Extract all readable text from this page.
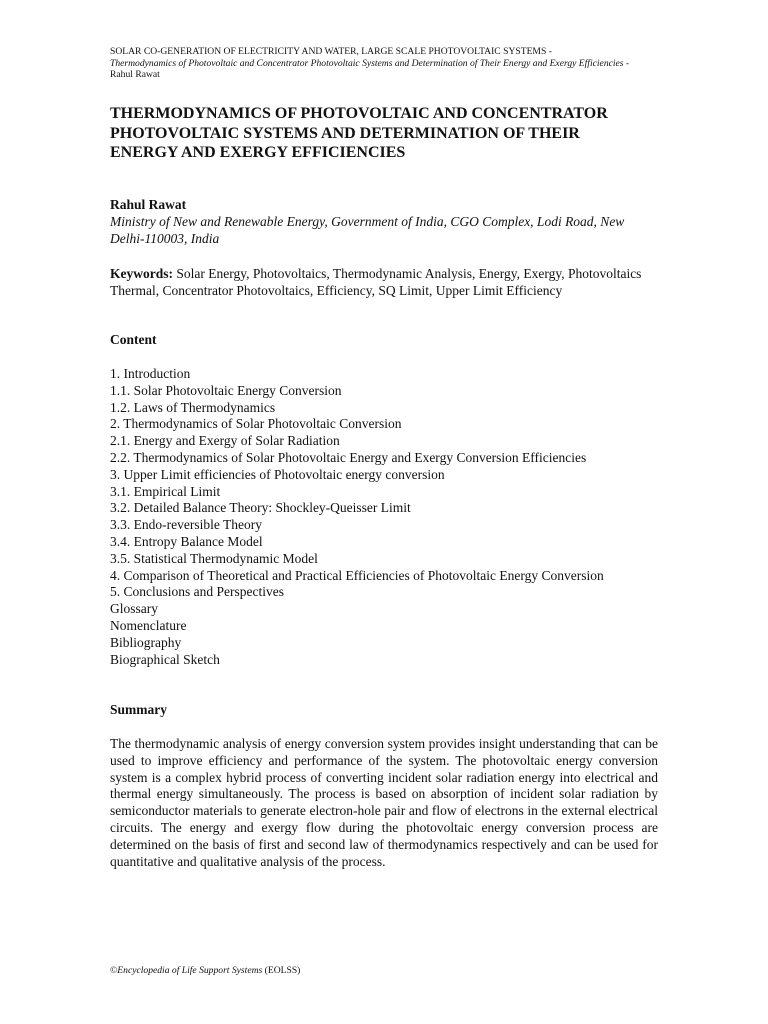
SOLAR CO-GENERATION OF ELECTRICITY AND WATER, LARGE SCALE PHOTOVOLTAIC SYSTEMS -
Thermodynamics of Photovoltaic and Concentrator Photovoltaic Systems and Determination of Their Energy and Exergy Efficiencies - Rahul Rawat
THERMODYNAMICS OF PHOTOVOLTAIC AND CONCENTRATOR PHOTOVOLTAIC SYSTEMS AND DETERMINATION OF THEIR ENERGY AND EXERGY EFFICIENCIES
Rahul Rawat
Ministry of New and Renewable Energy, Government of India, CGO Complex, Lodi Road, New Delhi-110003, India
Keywords: Solar Energy, Photovoltaics, Thermodynamic Analysis, Energy, Exergy, Photovoltaics Thermal, Concentrator Photovoltaics, Efficiency, SQ Limit, Upper Limit Efficiency
Content
1. Introduction
1.1. Solar Photovoltaic Energy Conversion
1.2. Laws of Thermodynamics
2. Thermodynamics of Solar Photovoltaic Conversion
2.1. Energy and Exergy of Solar Radiation
2.2. Thermodynamics of Solar Photovoltaic Energy and Exergy Conversion Efficiencies
3. Upper Limit efficiencies of Photovoltaic energy conversion
3.1. Empirical Limit
3.2. Detailed Balance Theory: Shockley-Queisser Limit
3.3. Endo-reversible Theory
3.4. Entropy Balance Model
3.5. Statistical Thermodynamic Model
4. Comparison of Theoretical and Practical Efficiencies of Photovoltaic Energy Conversion
5. Conclusions and Perspectives
Glossary
Nomenclature
Bibliography
Biographical Sketch
Summary

The thermodynamic analysis of energy conversion system provides insight understanding that can be used to improve efficiency and performance of the system. The photovoltaic energy conversion system is a complex hybrid process of converting incident solar radiation energy into electrical and thermal energy simultaneously. The process is based on absorption of incident solar radiation by semiconductor materials to generate electron-hole pair and flow of electrons in the external electrical circuits. The energy and exergy flow during the photovoltaic energy conversion process are determined on the basis of first and second law of thermodynamics respectively and can be used for quantitative and qualitative analysis of the process.

©Encyclopedia of Life Support Systems (EOLSS)
